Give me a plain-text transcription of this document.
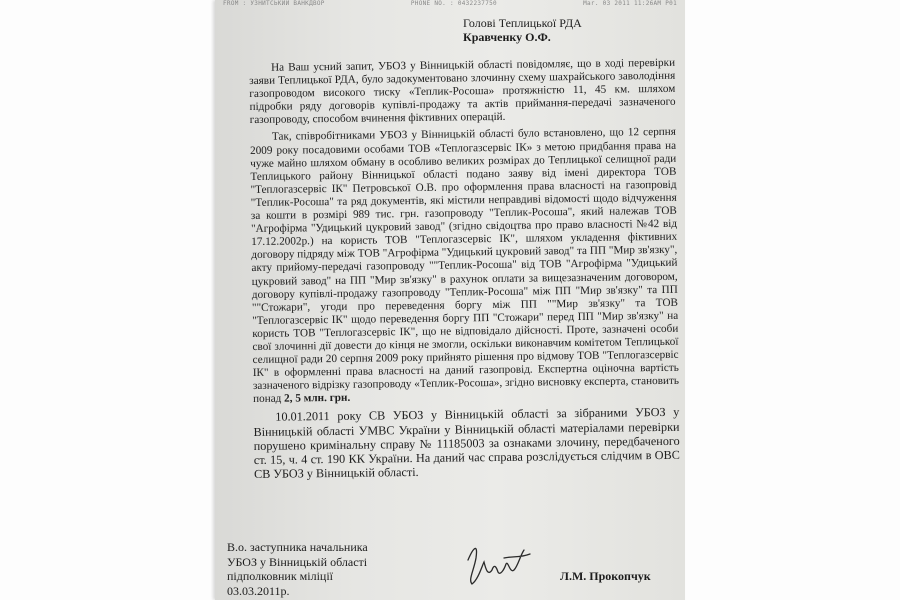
FROM : УЗНИТСЬКИЙ ВАНКДВОР	PHONE NO. : 0432237750	Mar. 03 2011 11:26AM P01
Голові Теплицької РДА
Кравченку О.Ф.

На Ваш усний запит, УБОЗ у Вінницькій області повідомляє, що в ході перевірки заяви Теплицької РДА, було задокументовано злочинну схему шахрайського заволодіння газопроводом високого тиску «Теплик-Росоша» протяжністю 11, 45 км. шляхом підробки ряду договорів купівлі-продажу та актів приймання-передачі зазначеного газопроводу, способом вчинення фіктивних операцій.

Так, співробітниками УБОЗ у Вінницькій області було встановлено, що 12 серпня 2009 року посадовими особами ТОВ «Теплогазсервіс ІК» з метою придбання права на чуже майно шляхом обману в особливо великих розмірах до Теплицької селищної ради Теплицького району Вінницької області подано заяву від імені директора ТОВ "Теплогазсервіс ІК" Петровської О.В. про оформлення права власності на газопровід "Теплик-Росоша" та ряд документів, які містили неправдиві відомості щодо відчуження за кошти в розмірі 989 тис. грн. газопроводу "Теплик-Росоша", який належав ТОВ "Агрофірма "Удицький цукровий завод" (згідно свідоцтва про право власності №42 від 17.12.2002р.) на користь ТОВ "Теплогазсервіс ІК", шляхом укладення фіктивних договору підряду між ТОВ "Агрофірма "Удицький цукровий завод" та ПП "Мир зв'язку", акту прийому-передачі газопроводу ""Теплик-Росоша" від ТОВ "Агрофірма "Удицький цукровий завод" на ПП "Мир зв'язку" в рахунок оплати за вищезазначеним договором, договору купівлі-продажу газопроводу "Теплик-Росоша" між ПП "Мир зв'язку" та ПП ""Стожари", угоди про переведення боргу між ПП ""Мир зв'язку" та ТОВ "Теплогазсервіс ІК" щодо переведення боргу ПП "Стожари" перед ПП "Мир зв'язку" на користь ТОВ "Теплогазсервіс ІК", що не відповідало дійсності. Проте, зазначені особи свої злочинні дії довести до кінця не змогли, оскільки виконавчим комітетом Теплицької селищної ради 20 серпня 2009 року прийнято рішення про відмову ТОВ "Теплогазсервіс ІК" в оформленні права власності на даний газопровід. Експертна оціночна вартість зазначеного відрізку газопроводу «Теплик-Росоша», згідно висновку експерта, становить понад 2, 5 млн. грн.

10.01.2011 року СВ УБОЗ у Вінницькій області за зібраними УБОЗ у Вінницькій області УМВС України у Вінницькій області матеріалами перевірки порушено кримінальну справу № 11185003 за ознаками злочину, передбаченого ст. 15, ч. 4 ст. 190 КК України. На даний час справа розслідується слідчим в ОВС СВ УБОЗ у Вінницькій області.

В.о. заступника начальника
УБОЗ у Вінницькій області
підполковник міліції
03.03.2011р.
Л.М. Прокопчук
